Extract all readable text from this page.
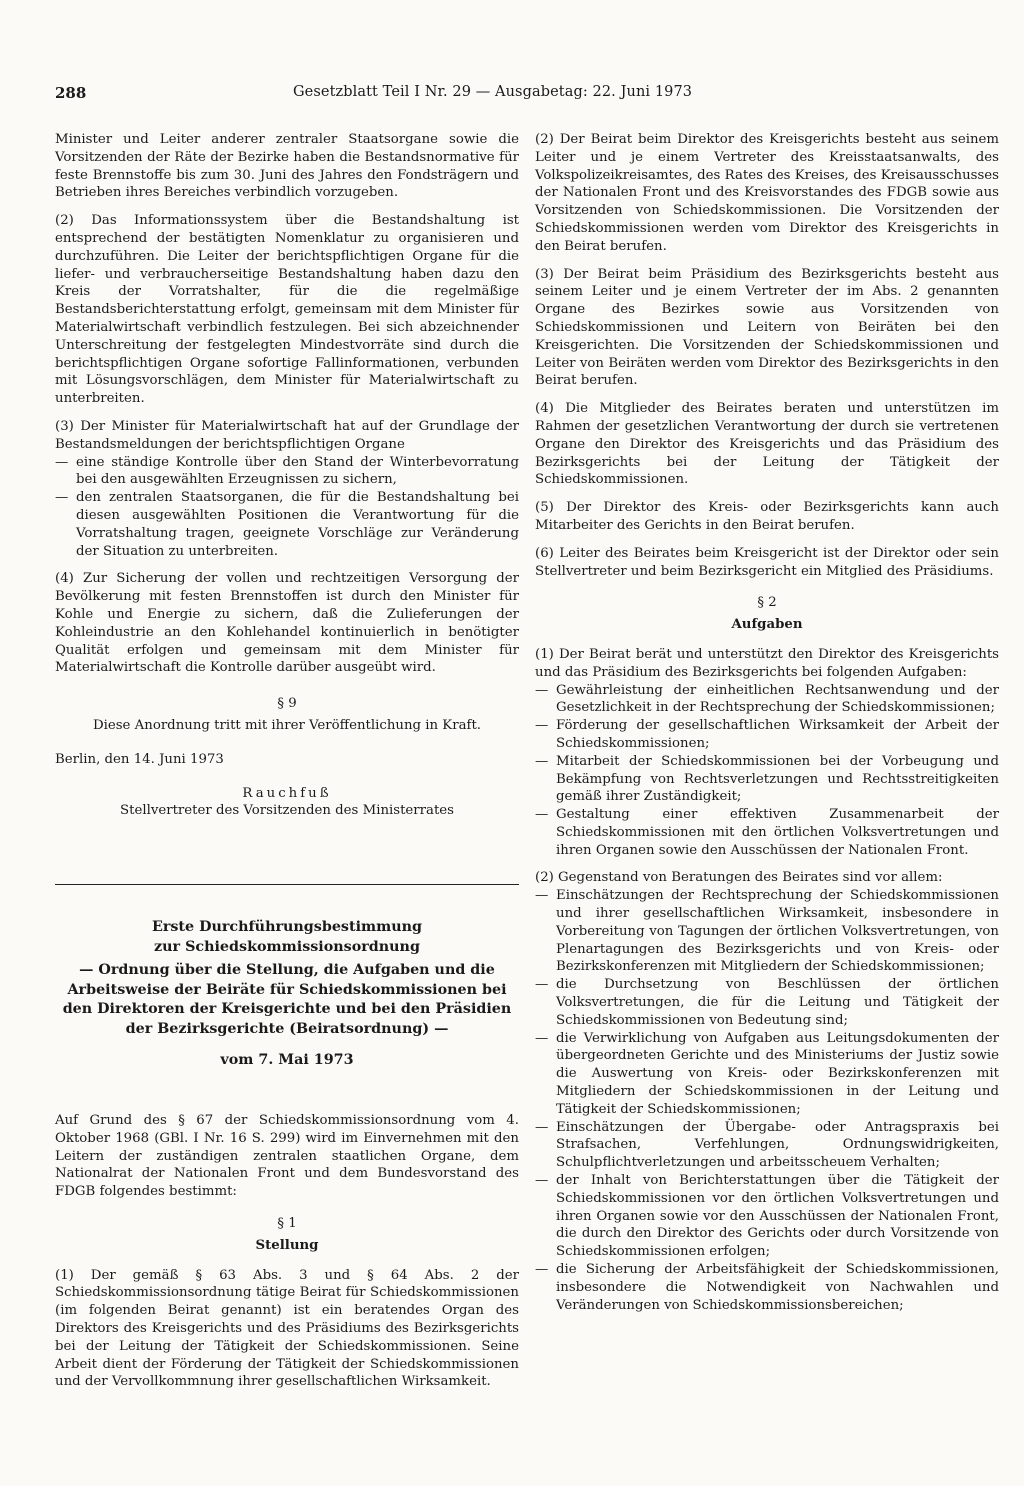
288	Gesetzblatt Teil I Nr. 29 — Ausgabetag: 22. Juni 1973

Minister und Leiter anderer zentraler Staatsorgane sowie die Vorsitzenden der Räte der Bezirke haben die Bestandsnormative für feste Brennstoffe bis zum 30. Juni des Jahres den Fondsträgern und Betrieben ihres Bereiches verbindlich vorzugeben.

(2) Das Informationssystem über die Bestandshaltung ist entsprechend der bestätigten Nomenklatur zu organisieren und durchzuführen. Die Leiter der berichtspflichtigen Organe für die liefer- und verbraucherseitige Bestandshaltung haben dazu den Kreis der Vorratshalter, für die die regelmäßige Bestandsberichterstattung erfolgt, gemeinsam mit dem Minister für Materialwirtschaft verbindlich festzulegen. Bei sich abzeichnender Unterschreitung der festgelegten Mindestvorräte sind durch die berichtspflichtigen Organe sofortige Fallinformationen, verbunden mit Lösungsvorschlägen, dem Minister für Materialwirtschaft zu unterbreiten.

(3) Der Minister für Materialwirtschaft hat auf der Grundlage der Bestandsmeldungen der berichtspflichtigen Organe

— eine ständige Kontrolle über den Stand der Winterbevorratung bei den ausgewählten Erzeugnissen zu sichern,
— den zentralen Staatsorganen, die für die Bestandshaltung bei diesen ausgewählten Positionen die Verantwortung für die Vorratshaltung tragen, geeignete Vorschläge zur Veränderung der Situation zu unterbreiten.

(4) Zur Sicherung der vollen und rechtzeitigen Versorgung der Bevölkerung mit festen Brennstoffen ist durch den Minister für Kohle und Energie zu sichern, daß die Zulieferungen der Kohleindustrie an den Kohlehandel kontinuierlich in benötigter Qualität erfolgen und gemeinsam mit dem Minister für Materialwirtschaft die Kontrolle darüber ausgeübt wird.

§ 9

Diese Anordnung tritt mit ihrer Veröffentlichung in Kraft.

Berlin, den 14. Juni 1973

Rauchfuß
Stellvertreter des Vorsitzenden des Ministerrates
Erste Durchführungsbestimmung
zur Schiedskommissionsordnung
— Ordnung über die Stellung, die Aufgaben und die Arbeitsweise der Beiräte für Schiedskommissionen bei den Direktoren der Kreisgerichte und bei den Präsidien der Bezirksgerichte (Beiratsordnung) —
vom 7. Mai 1973

Auf Grund des § 67 der Schiedskommissionsordnung vom 4. Oktober 1968 (GBl. I Nr. 16 S. 299) wird im Einvernehmen mit den Leitern der zuständigen zentralen staatlichen Organe, dem Nationalrat der Nationalen Front und dem Bundesvorstand des FDGB folgendes bestimmt:

§ 1
Stellung

(1) Der gemäß § 63 Abs. 3 und § 64 Abs. 2 der Schiedskommissionsordnung tätige Beirat für Schiedskommissionen (im folgenden Beirat genannt) ist ein beratendes Organ des Direktors des Kreisgerichts und des Präsidiums des Bezirksgerichts bei der Leitung der Tätigkeit der Schiedskommissionen. Seine Arbeit dient der Förderung der Tätigkeit der Schiedskommissionen und der Vervollkommnung ihrer gesellschaftlichen Wirksamkeit.

(2) Der Beirat beim Direktor des Kreisgerichts besteht aus seinem Leiter und je einem Vertreter des Kreisstaatsanwalts, des Volkspolizeikreisamtes, des Rates des Kreises, des Kreisausschusses der Nationalen Front und des Kreisvorstandes des FDGB sowie aus Vorsitzenden von Schiedskommissionen. Die Vorsitzenden der Schiedskommissionen werden vom Direktor des Kreisgerichts in den Beirat berufen.

(3) Der Beirat beim Präsidium des Bezirksgerichts besteht aus seinem Leiter und je einem Vertreter der im Abs. 2 genannten Organe des Bezirkes sowie aus Vorsitzenden von Schiedskommissionen und Leitern von Beiräten bei den Kreisgerichten. Die Vorsitzenden der Schiedskommissionen und Leiter von Beiräten werden vom Direktor des Bezirksgerichts in den Beirat berufen.

(4) Die Mitglieder des Beirates beraten und unterstützen im Rahmen der gesetzlichen Verantwortung der durch sie vertretenen Organe den Direktor des Kreisgerichts und das Präsidium des Bezirksgerichts bei der Leitung der Tätigkeit der Schiedskommissionen.

(5) Der Direktor des Kreis- oder Bezirksgerichts kann auch Mitarbeiter des Gerichts in den Beirat berufen.

(6) Leiter des Beirates beim Kreisgericht ist der Direktor oder sein Stellvertreter und beim Bezirksgericht ein Mitglied des Präsidiums.

§ 2
Aufgaben

(1) Der Beirat berät und unterstützt den Direktor des Kreisgerichts und das Präsidium des Bezirksgerichts bei folgenden Aufgaben:

— Gewährleistung der einheitlichen Rechtsanwendung und der Gesetzlichkeit in der Rechtsprechung der Schiedskommissionen;
— Förderung der gesellschaftlichen Wirksamkeit der Arbeit der Schiedskommissionen;
— Mitarbeit der Schiedskommissionen bei der Vorbeugung und Bekämpfung von Rechtsverletzungen und Rechtsstreitigkeiten gemäß ihrer Zuständigkeit;
— Gestaltung einer effektiven Zusammenarbeit der Schiedskommissionen mit den örtlichen Volksvertretungen und ihren Organen sowie den Ausschüssen der Nationalen Front.

(2) Gegenstand von Beratungen des Beirates sind vor allem:

— Einschätzungen der Rechtsprechung der Schiedskommissionen und ihrer gesellschaftlichen Wirksamkeit, insbesondere in Vorbereitung von Tagungen der örtlichen Volksvertretungen, von Plenartagungen des Bezirksgerichts und von Kreis- oder Bezirkskonferenzen mit Mitgliedern der Schiedskommissionen;
— die Durchsetzung von Beschlüssen der örtlichen Volksvertretungen, die für die Leitung und Tätigkeit der Schiedskommissionen von Bedeutung sind;
— die Verwirklichung von Aufgaben aus Leitungsdokumenten der übergeordneten Gerichte und des Ministeriums der Justiz sowie die Auswertung von Kreis- oder Bezirkskonferenzen mit Mitgliedern der Schiedskommissionen in der Leitung und Tätigkeit der Schiedskommissionen;
— Einschätzungen der Übergabe- oder Antragspraxis bei Strafsachen, Verfehlungen, Ordnungswidrigkeiten, Schulpflichtverletzungen und arbeitsscheuem Verhalten;
— der Inhalt von Berichterstattungen über die Tätigkeit der Schiedskommissionen vor den örtlichen Volksvertretungen und ihren Organen sowie vor den Ausschüssen der Nationalen Front, die durch den Direktor des Gerichts oder durch Vorsitzende von Schiedskommissionen erfolgen;
— die Sicherung der Arbeitsfähigkeit der Schiedskommissionen, insbesondere die Notwendigkeit von Nachwahlen und Veränderungen von Schiedskommissionsbereichen;
